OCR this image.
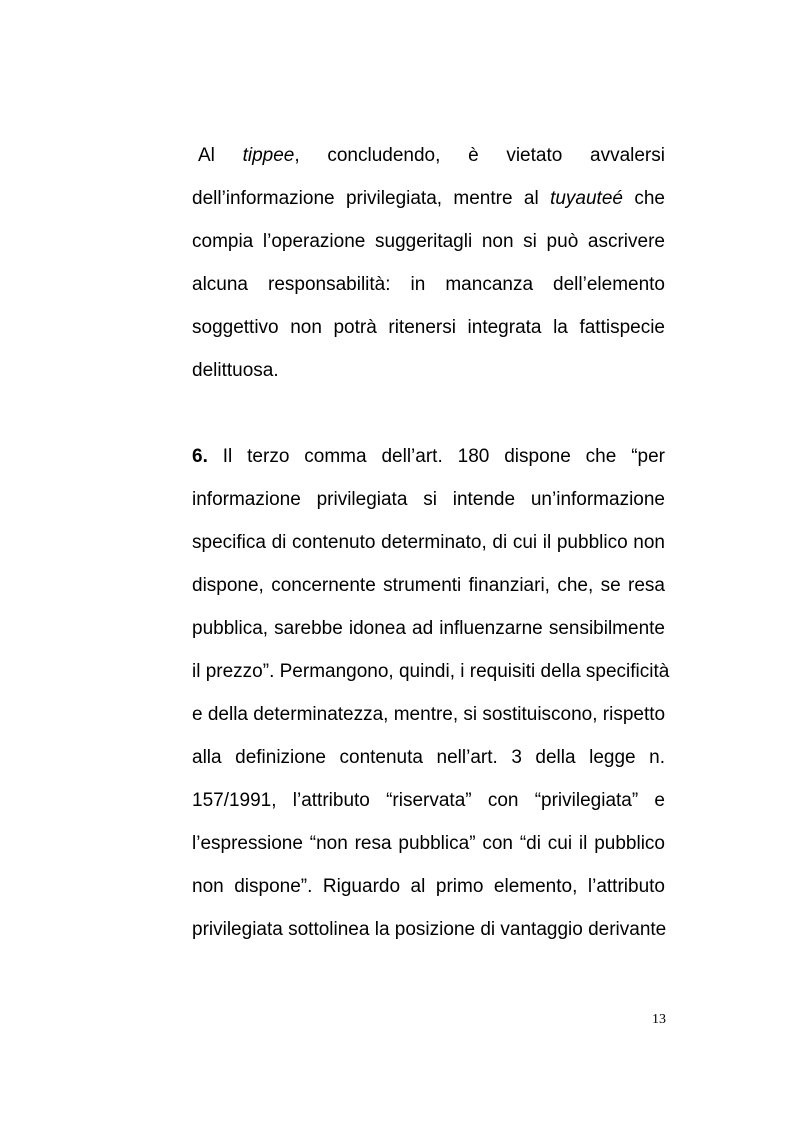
Al tippee, concludendo, è vietato avvalersi
dell’informazione privilegiata, mentre al tuyauteé che
compia l’operazione suggeritagli non si può ascrivere
alcuna responsabilità: in mancanza dell’elemento
soggettivo non potrà ritenersi integrata la fattispecie
delittuosa.
6. Il terzo comma dell’art. 180 dispone che “per
informazione privilegiata si intende un’informazione
specifica di contenuto determinato, di cui il pubblico non
dispone, concernente strumenti finanziari, che, se resa
pubblica, sarebbe idonea ad influenzarne sensibilmente
il prezzo”. Permangono, quindi, i requisiti della specificità
e della determinatezza, mentre, si sostituiscono, rispetto
alla definizione contenuta nell’art. 3 della legge n.
157/1991, l’attributo “riservata” con “privilegiata” e
l’espressione “non resa pubblica” con “di cui il pubblico
non dispone”. Riguardo al primo elemento, l’attributo
privilegiata sottolinea la posizione di vantaggio derivante
13
